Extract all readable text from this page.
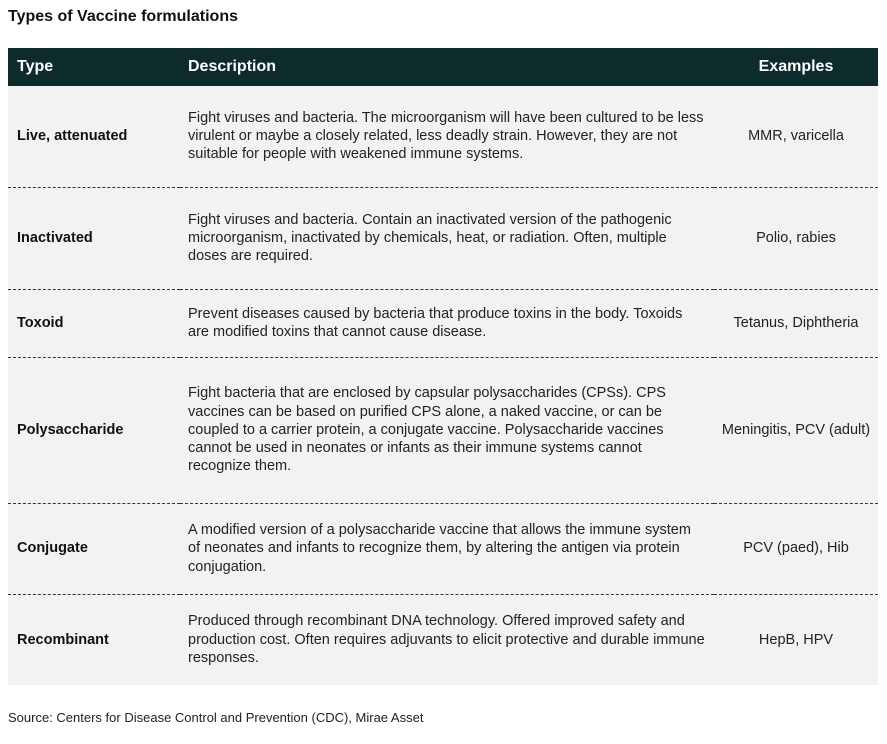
Types of Vaccine formulations
Type	Description	Examples
Live, attenuated	Fight viruses and bacteria. The microorganism will have been cultured to be less virulent or maybe a closely related, less deadly strain. However, they are not suitable for people with weakened immune systems.	MMR, varicella
Inactivated	Fight viruses and bacteria. Contain an inactivated version of the pathogenic microorganism, inactivated by chemicals, heat, or radiation. Often, multiple doses are required.	Polio, rabies
Toxoid	Prevent diseases caused by bacteria that produce toxins in the body. Toxoids are modified toxins that cannot cause disease.	Tetanus, Diphtheria
Polysaccharide	Fight bacteria that are enclosed by capsular polysaccharides (CPSs). CPS vaccines can be based on purified CPS alone, a naked vaccine, or can be coupled to a carrier protein, a conjugate vaccine. Polysaccharide vaccines cannot be used in neonates or infants as their immune systems cannot recognize them.	Meningitis, PCV (adult)
Conjugate	A modified version of a polysaccharide vaccine that allows the immune system of neonates and infants to recognize them, by altering the antigen via protein conjugation.	PCV (paed), Hib
Recombinant	Produced through recombinant DNA technology. Offered improved safety and production cost. Often requires adjuvants to elicit protective and durable immune responses.	HepB, HPV
Source: Centers for Disease Control and Prevention (CDC), Mirae Asset
